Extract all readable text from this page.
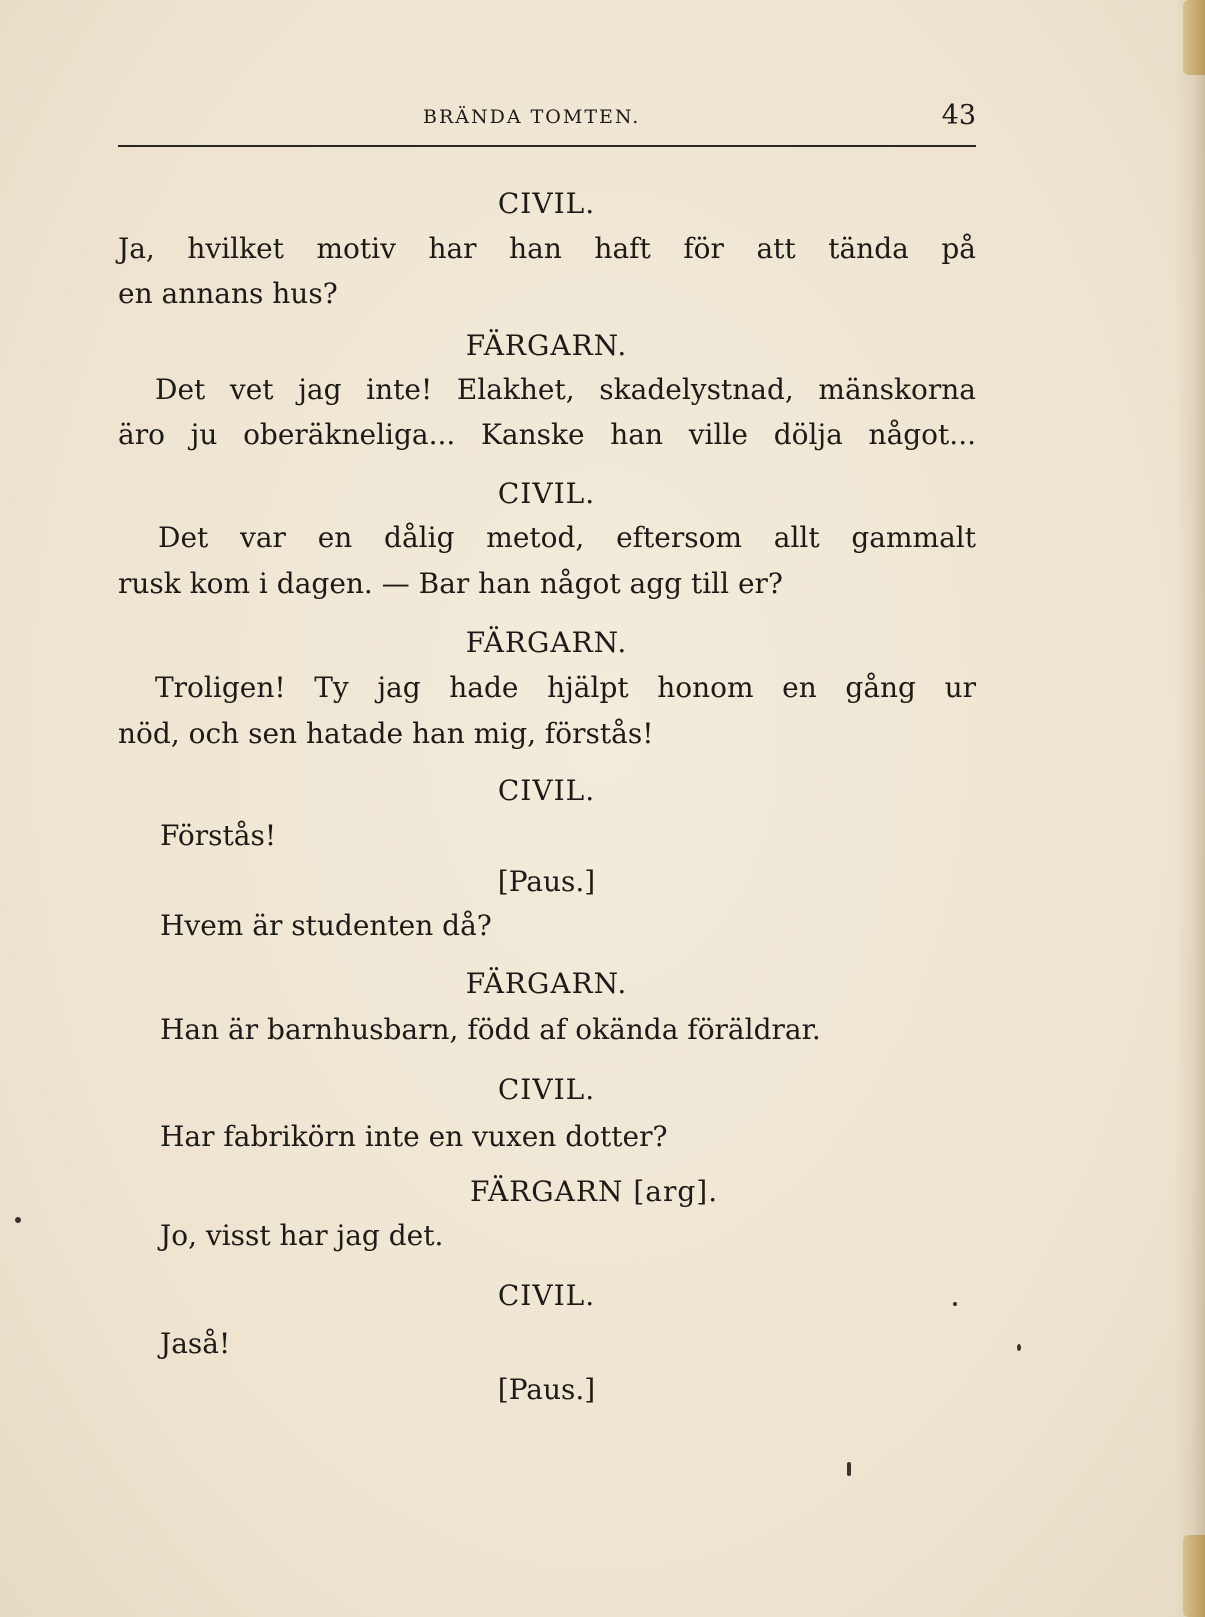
BRÄNDA TOMTEN.	43
CIVIL.
Ja, hvilket motiv har han haft för att tända på
en annans hus?
FÄRGARN.
Det vet jag inte! Elakhet, skadelystnad, mänskorna
äro ju oberäkneliga... Kanske han ville dölja något...
CIVIL.
Det var en dålig metod, eftersom allt gammalt
rusk kom i dagen. — Bar han något agg till er?
FÄRGARN.
Troligen! Ty jag hade hjälpt honom en gång ur
nöd, och sen hatade han mig, förstås!
CIVIL.
Förstås!
[Paus.]
Hvem är studenten då?
FÄRGARN.
Han är barnhusbarn, född af okända föräldrar.
CIVIL.
Har fabrikörn inte en vuxen dotter?
FÄRGARN [arg].
Jo, visst har jag det.
CIVIL.
Jaså!
[Paus.]
